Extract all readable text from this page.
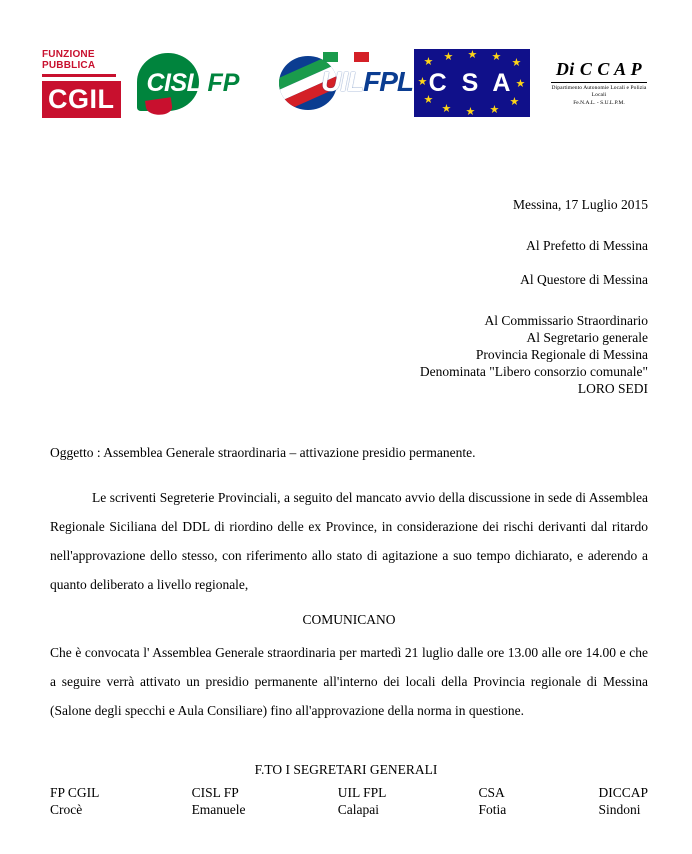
FUNZIONE
PUBBLICA
CGIL
CISL FP	UILFPL
★ ★ ★ ★ ★
★
★
★
★
★
★
★ C S A	Di C C A P
Dipartimento Autonomie Locali e Polizia Locali
Fe.N.A.L. - S.U.L.P.M.
Messina, 17 Luglio 2015
Al Prefetto di Messina
Al Questore di Messina
Al Commissario Straordinario
Al Segretario generale
Provincia Regionale di Messina
Denominata "Libero consorzio comunale"
LORO SEDI
Oggetto : Assemblea Generale straordinaria – attivazione presidio permanente.
Le scriventi Segreterie Provinciali, a seguito del mancato avvio della discussione in sede di Assemblea Regionale Siciliana del DDL di riordino delle ex Province, in considerazione dei rischi derivanti dal ritardo nell'approvazione dello stesso, con riferimento allo stato di agitazione a suo tempo dichiarato, e aderendo a quanto deliberato a livello regionale,
COMUNICANO
Che è convocata l' Assemblea Generale straordinaria per martedì 21 luglio dalle ore 13.00 alle ore 14.00 e che a seguire verrà attivato un presidio permanente all'interno dei locali della Provincia regionale di Messina (Salone degli specchi e Aula Consiliare) fino all'approvazione della norma in questione.
F.TO I SEGRETARI GENERALI
FP CGIL
Crocè
CISL FP
Emanuele
UIL FPL
Calapai
CSA
Fotia
DICCAP
Sindoni
